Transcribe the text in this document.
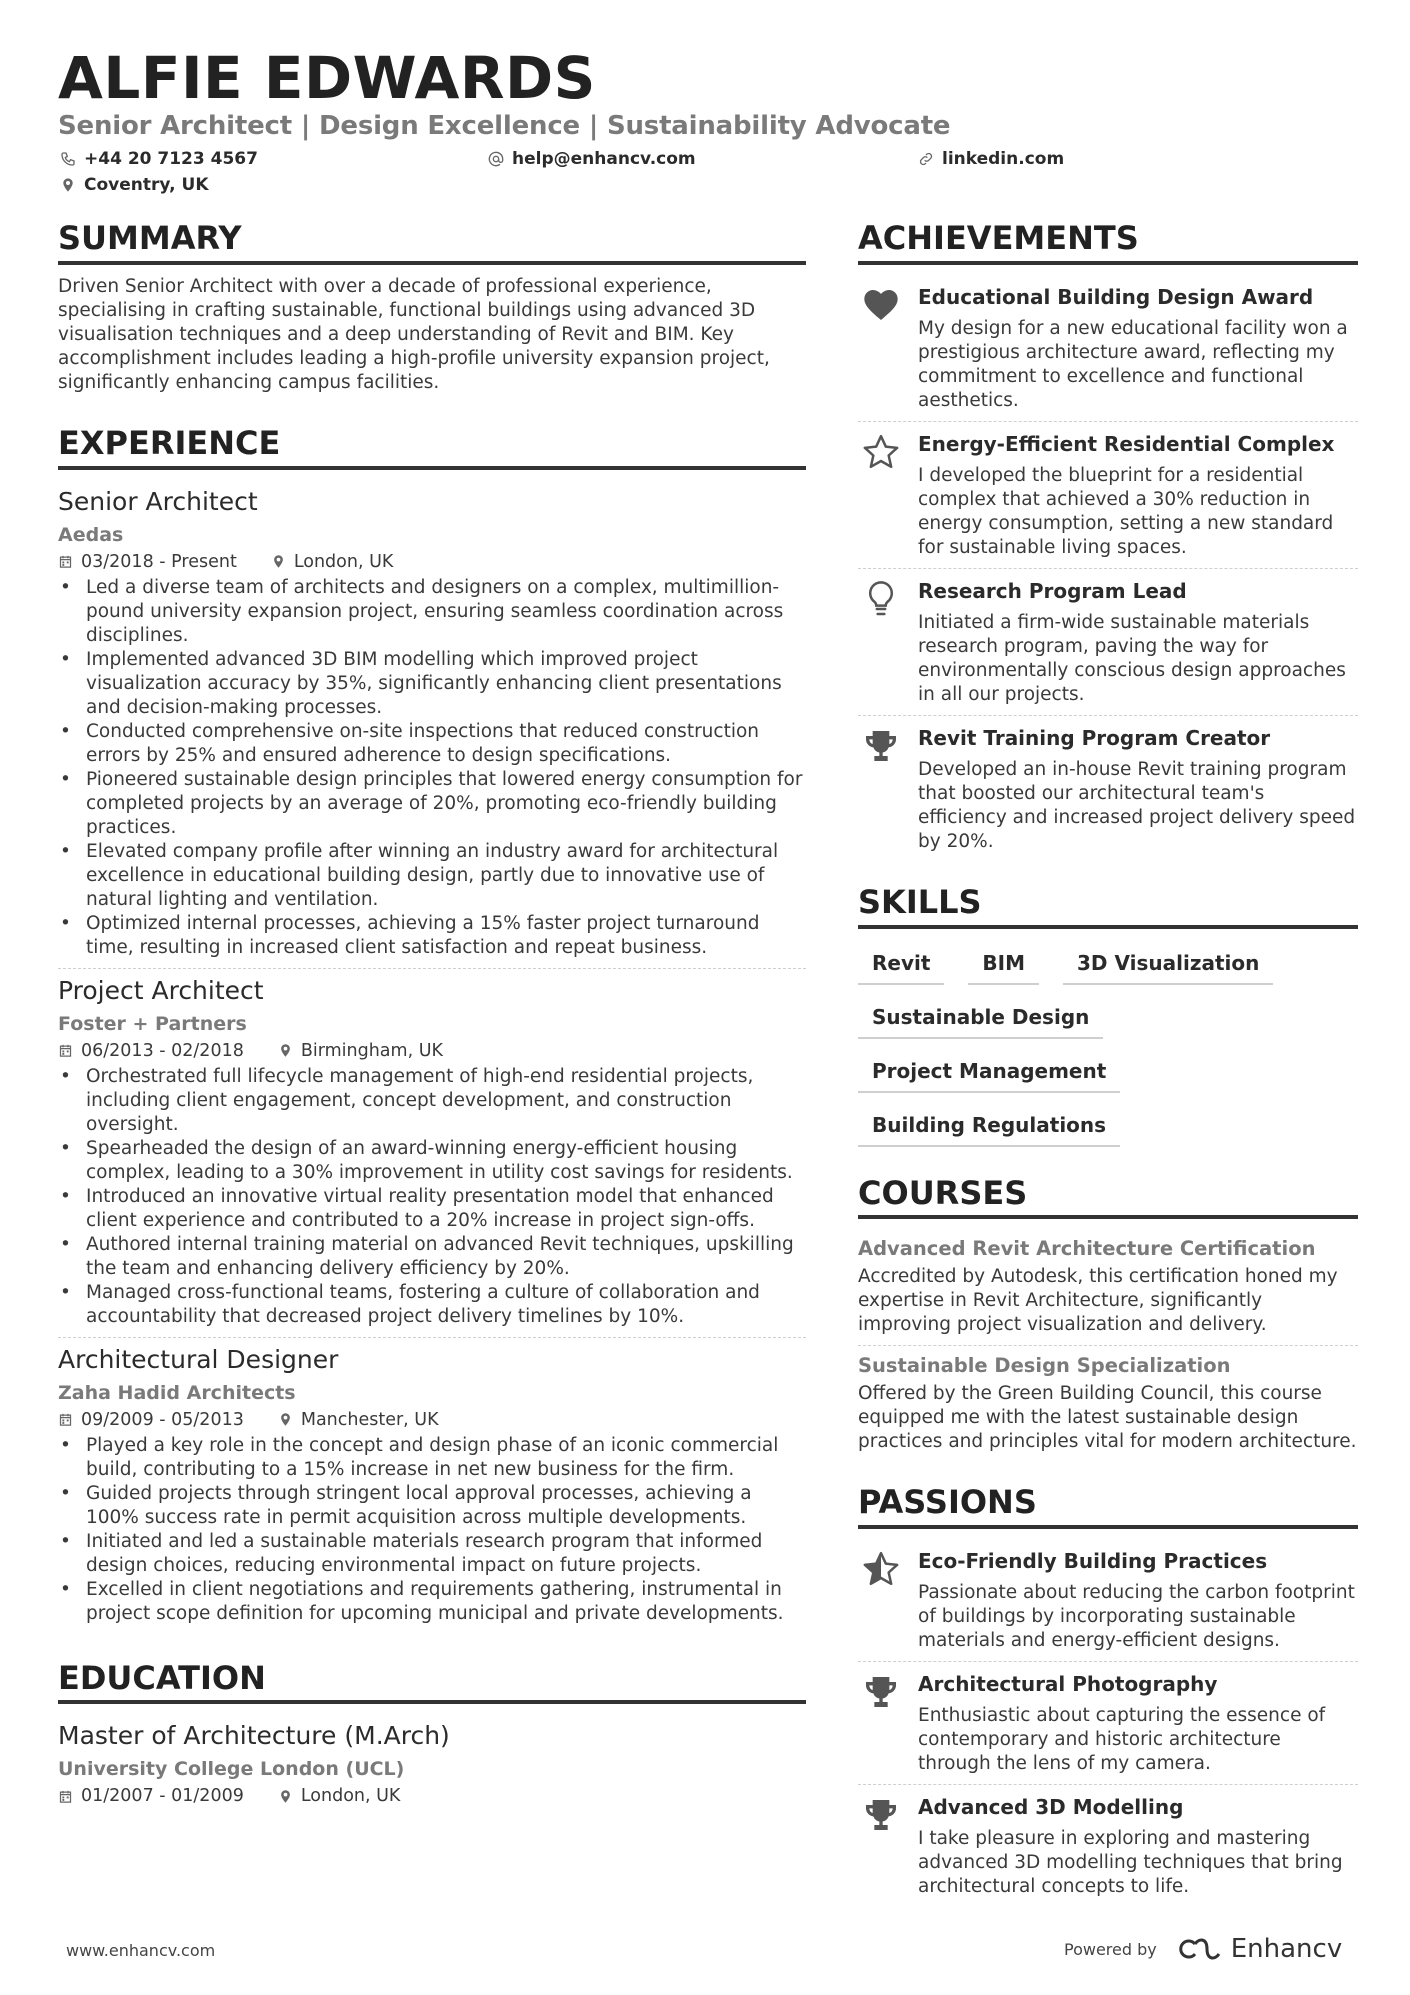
ALFIE EDWARDS
Senior Architect | Design Excellence | Sustainability Advocate
+44 20 7123 4567	help@enhancv.com	linkedin.com
Coventry, UK
SUMMARY
Driven Senior Architect with over a decade of professional experience, specialising in crafting sustainable, functional buildings using advanced 3D visualisation techniques and a deep understanding of Revit and BIM. Key accomplishment includes leading a high-profile university expansion project, significantly enhancing campus facilities.
EXPERIENCE
Senior Architect
Aedas
03/2018 - Present	London, UK
• Led a diverse team of architects and designers on a complex, multimillion-pound university expansion project, ensuring seamless coordination across disciplines.
• Implemented advanced 3D BIM modelling which improved project visualization accuracy by 35%, significantly enhancing client presentations and decision-making processes.
• Conducted comprehensive on-site inspections that reduced construction errors by 25% and ensured adherence to design specifications.
• Pioneered sustainable design principles that lowered energy consumption for completed projects by an average of 20%, promoting eco-friendly building practices.
• Elevated company profile after winning an industry award for architectural excellence in educational building design, partly due to innovative use of natural lighting and ventilation.
• Optimized internal processes, achieving a 15% faster project turnaround time, resulting in increased client satisfaction and repeat business.
Project Architect
Foster + Partners
06/2013 - 02/2018	Birmingham, UK
• Orchestrated full lifecycle management of high-end residential projects, including client engagement, concept development, and construction oversight.
• Spearheaded the design of an award-winning energy-efficient housing complex, leading to a 30% improvement in utility cost savings for residents.
• Introduced an innovative virtual reality presentation model that enhanced client experience and contributed to a 20% increase in project sign-offs.
• Authored internal training material on advanced Revit techniques, upskilling the team and enhancing delivery efficiency by 20%.
• Managed cross-functional teams, fostering a culture of collaboration and accountability that decreased project delivery timelines by 10%.
Architectural Designer
Zaha Hadid Architects
09/2009 - 05/2013	Manchester, UK
• Played a key role in the concept and design phase of an iconic commercial build, contributing to a 15% increase in net new business for the firm.
• Guided projects through stringent local approval processes, achieving a 100% success rate in permit acquisition across multiple developments.
• Initiated and led a sustainable materials research program that informed design choices, reducing environmental impact on future projects.
• Excelled in client negotiations and requirements gathering, instrumental in project scope definition for upcoming municipal and private developments.
EDUCATION
Master of Architecture (M.Arch)
University College London (UCL)
01/2007 - 01/2009	London, UK
ACHIEVEMENTS
Educational Building Design Award
My design for a new educational facility won a prestigious architecture award, reflecting my commitment to excellence and functional aesthetics.
Energy-Efficient Residential Complex
I developed the blueprint for a residential complex that achieved a 30% reduction in energy consumption, setting a new standard for sustainable living spaces.
Research Program Lead
Initiated a firm-wide sustainable materials research program, paving the way for environmentally conscious design approaches in all our projects.
Revit Training Program Creator
Developed an in-house Revit training program that boosted our architectural team's efficiency and increased project delivery speed by 20%.
SKILLS
Revit	BIM	3D Visualization
Sustainable Design
Project Management
Building Regulations
COURSES
Advanced Revit Architecture Certification
Accredited by Autodesk, this certification honed my expertise in Revit Architecture, significantly improving project visualization and delivery.
Sustainable Design Specialization
Offered by the Green Building Council, this course equipped me with the latest sustainable design practices and principles vital for modern architecture.
PASSIONS
Eco-Friendly Building Practices
Passionate about reducing the carbon footprint of buildings by incorporating sustainable materials and energy-efficient designs.
Architectural Photography
Enthusiastic about capturing the essence of contemporary and historic architecture through the lens of my camera.
Advanced 3D Modelling
I take pleasure in exploring and mastering advanced 3D modelling techniques that bring architectural concepts to life.
www.enhancv.com	Powered by	Enhancv
